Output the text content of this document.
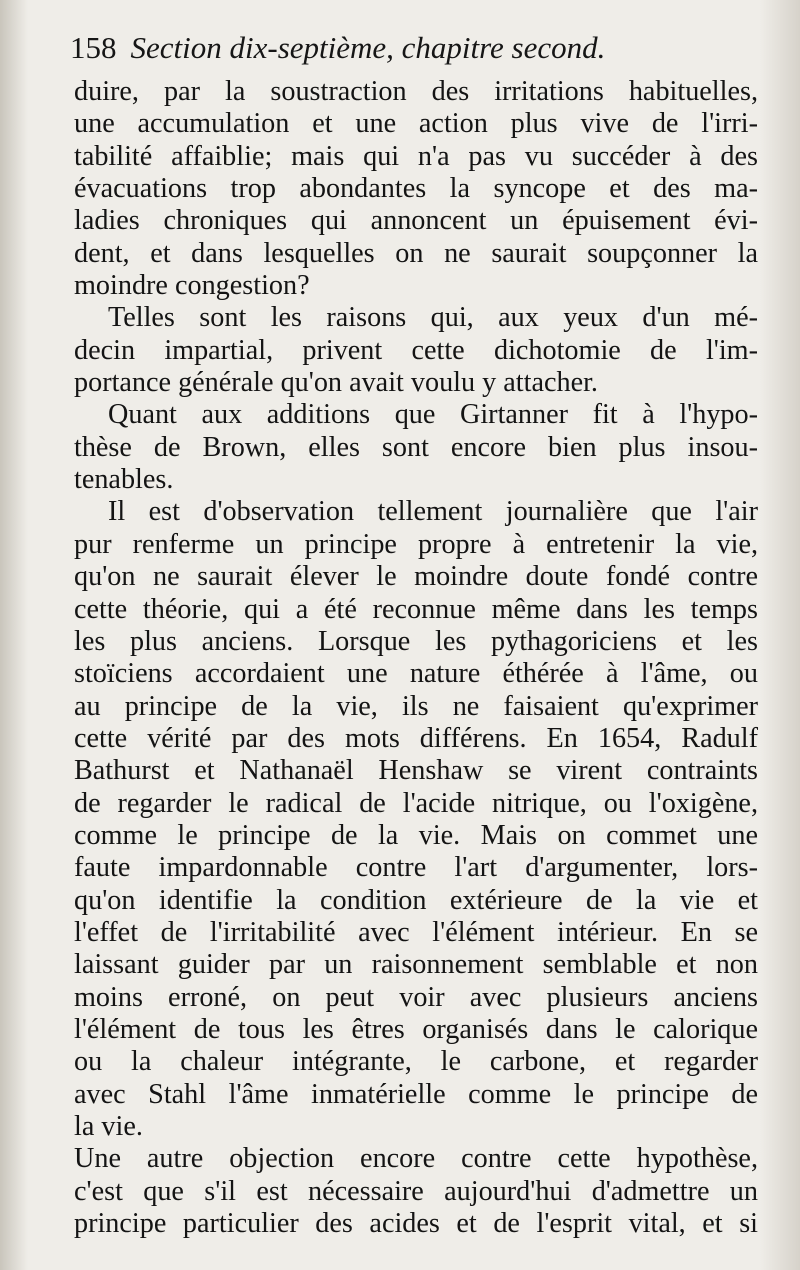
158 Section dix-septième, chapitre second.
duire, par la soustraction des irritations habituelles,
une accumulation et une action plus vive de l'irri-
tabilité affaiblie; mais qui n'a pas vu succéder à des
évacuations trop abondantes la syncope et des ma-
ladies chroniques qui annoncent un épuisement évi-
dent, et dans lesquelles on ne saurait soupçonner la
moindre congestion?
Telles sont les raisons qui, aux yeux d'un mé-
decin impartial, privent cette dichotomie de l'im-
portance générale qu'on avait voulu y attacher.
Quant aux additions que Girtanner fit à l'hypo-
thèse de Brown, elles sont encore bien plus insou-
tenables.
Il est d'observation tellement journalière que l'air
pur renferme un principe propre à entretenir la vie,
qu'on ne saurait élever le moindre doute fondé contre
cette théorie, qui a été reconnue même dans les temps
les plus anciens. Lorsque les pythagoriciens et les
stoïciens accordaient une nature éthérée à l'âme, ou
au principe de la vie, ils ne faisaient qu'exprimer
cette vérité par des mots différens. En 1654, Radulf
Bathurst et Nathanaël Henshaw se virent contraints
de regarder le radical de l'acide nitrique, ou l'oxigène,
comme le principe de la vie. Mais on commet une
faute impardonnable contre l'art d'argumenter, lors-
qu'on identifie la condition extérieure de la vie et
l'effet de l'irritabilité avec l'élément intérieur. En se
laissant guider par un raisonnement semblable et non
moins erroné, on peut voir avec plusieurs anciens
l'élément de tous les êtres organisés dans le calorique
ou la chaleur intégrante, le carbone, et regarder
avec Stahl l'âme inmatérielle comme le principe de
la vie.
Une autre objection encore contre cette hypothèse,
c'est que s'il est nécessaire aujourd'hui d'admettre un
principe particulier des acides et de l'esprit vital, et si
